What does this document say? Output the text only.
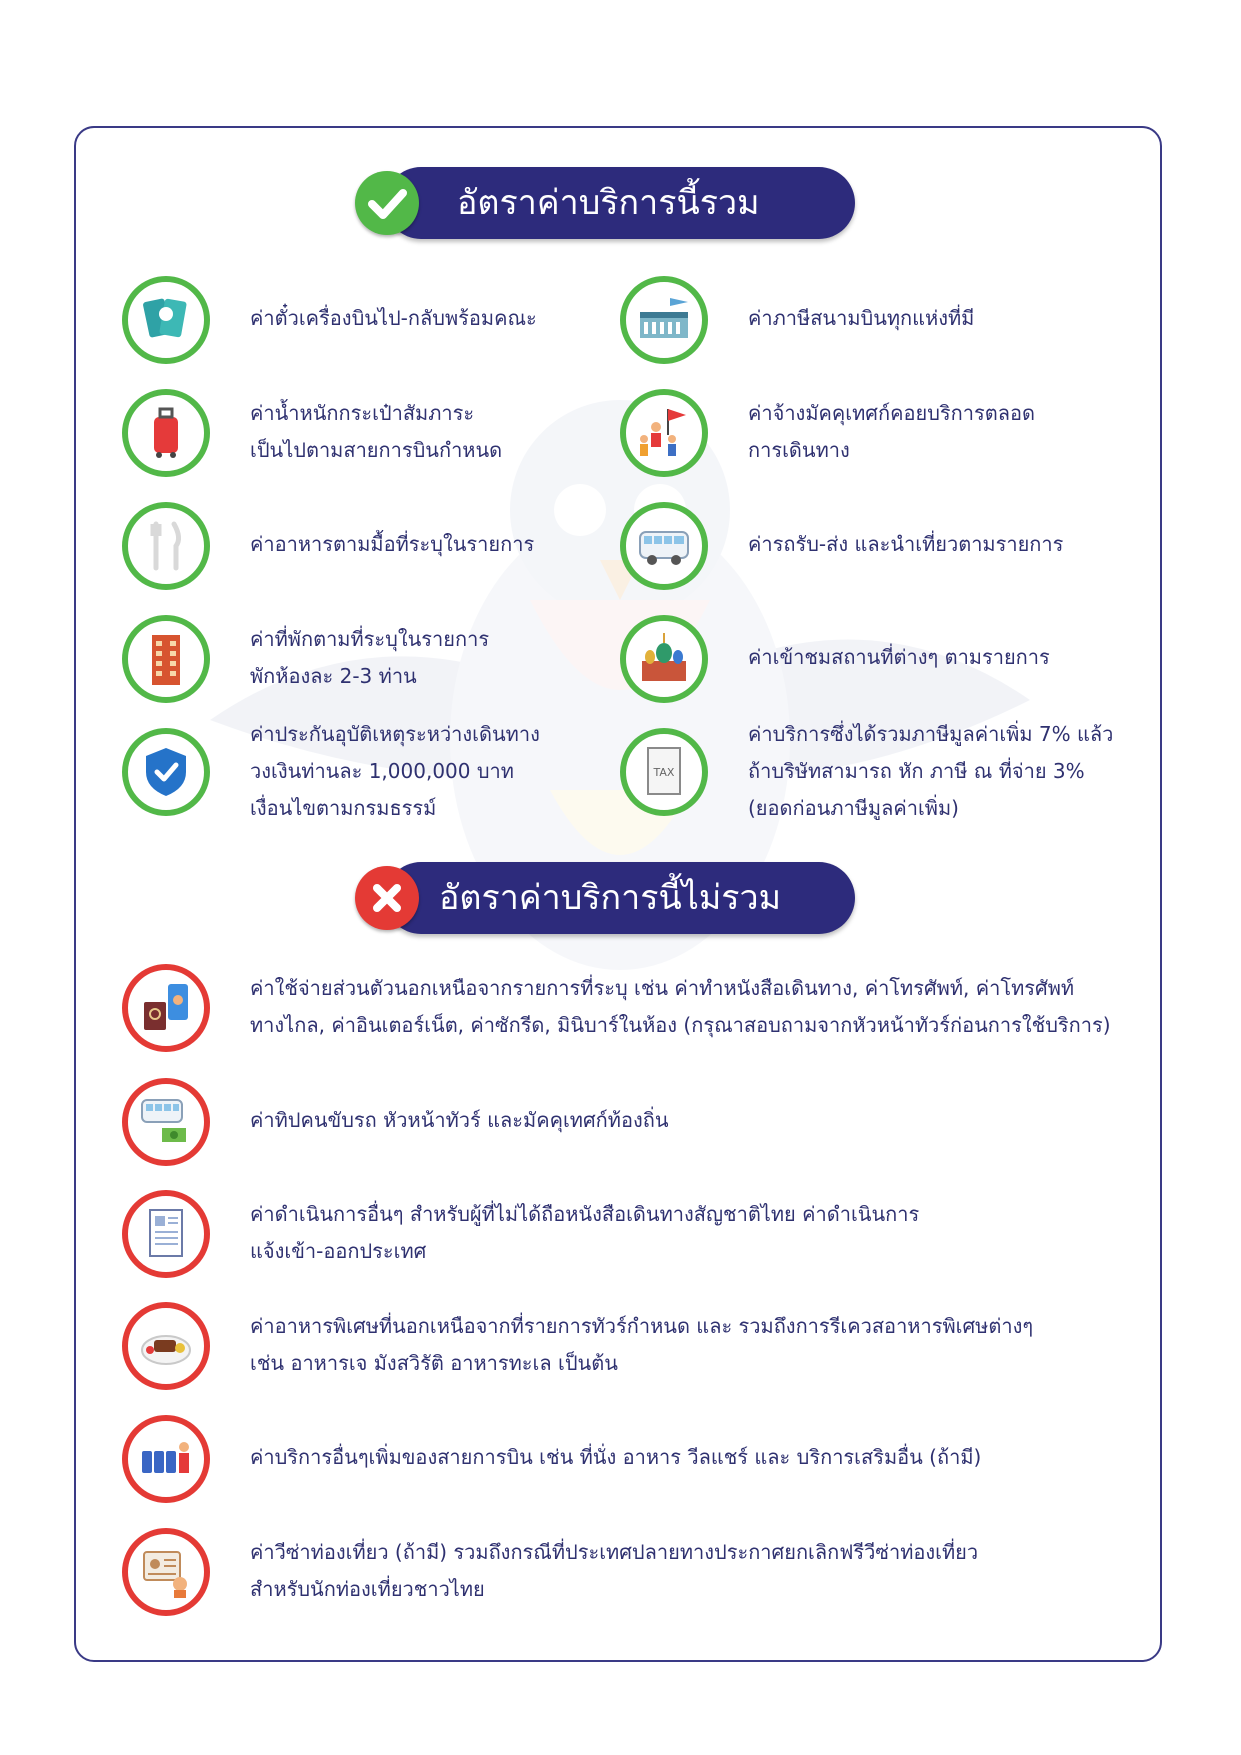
อัตราค่าบริการนี้รวม
ค่าตั๋วเครื่องบินไป-กลับพร้อมคณะ	ค่าภาษีสนามบินทุกแห่งที่มี
ค่าน้ำหนักกระเป๋าสัมภาระ
เป็นไปตามสายการบินกำหนด
ค่าจ้างมัคคุเทศก์คอยบริการตลอด
การเดินทาง
ค่าอาหารตามมื้อที่ระบุในรายการ	ค่ารถรับ-ส่ง และนำเที่ยวตามรายการ
ค่าที่พักตามที่ระบุในรายการ
พักห้องละ 2-3 ท่าน
ค่าเข้าชมสถานที่ต่างๆ ตามรายการ
ค่าประกันอุบัติเหตุระหว่างเดินทาง
วงเงินท่านละ 1,000,000 บาท
เงื่อนไขตามกรมธรรม์
TAX
ค่าบริการซึ่งได้รวมภาษีมูลค่าเพิ่ม 7% แล้ว
ถ้าบริษัทสามารถ หัก ภาษี ณ ที่จ่าย 3%
(ยอดก่อนภาษีมูลค่าเพิ่ม)
อัตราค่าบริการนี้ไม่รวม
ค่าใช้จ่ายส่วนตัวนอกเหนือจากรายการที่ระบุ เช่น ค่าทำหนังสือเดินทาง, ค่าโทรศัพท์, ค่าโทรศัพท์
ทางไกล, ค่าอินเตอร์เน็ต, ค่าซักรีด, มินิบาร์ในห้อง (กรุณาสอบถามจากหัวหน้าทัวร์ก่อนการใช้บริการ)
ค่าทิปคนขับรถ หัวหน้าทัวร์ และมัคคุเทศก์ท้องถิ่น
ค่าดำเนินการอื่นๆ สำหรับผู้ที่ไม่ได้ถือหนังสือเดินทางสัญชาติไทย ค่าดำเนินการ
แจ้งเข้า-ออกประเทศ
ค่าอาหารพิเศษที่นอกเหนือจากที่รายการทัวร์กำหนด และ รวมถึงการรีเควสอาหารพิเศษต่างๆ
เช่น อาหารเจ มังสวิรัติ อาหารทะเล เป็นต้น
ค่าบริการอื่นๆเพิ่มของสายการบิน เช่น ที่นั่ง อาหาร วีลแชร์ และ บริการเสริมอื่น (ถ้ามี)
ค่าวีซ่าท่องเที่ยว (ถ้ามี) รวมถึงกรณีที่ประเทศปลายทางประกาศยกเลิกฟรีวีซ่าท่องเที่ยว
สำหรับนักท่องเที่ยวชาวไทย
